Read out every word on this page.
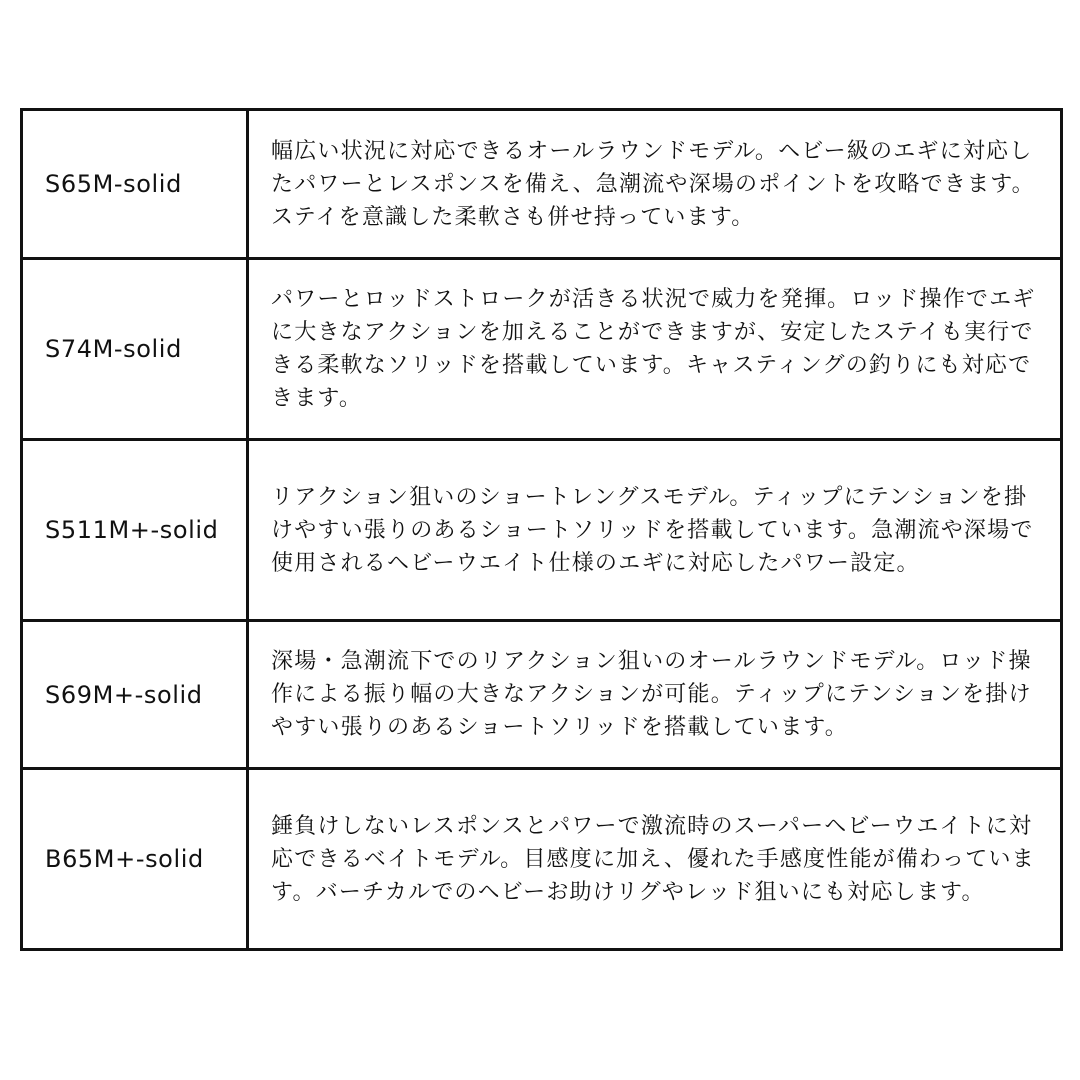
S65M-solid	幅広い状況に対応できるオールラウンドモデル。ヘビー級のエギに対応したパワーとレスポンスを備え、急潮流や深場のポイントを攻略できます。ステイを意識した柔軟さも併せ持っています。
S74M-solid	パワーとロッドストロークが活きる状況で威力を発揮。ロッド操作でエギに大きなアクションを加えることができますが、安定したステイも実行できる柔軟なソリッドを搭載しています。キャスティングの釣りにも対応できます。
S511M+-solid	リアクション狙いのショートレングスモデル。ティップにテンションを掛けやすい張りのあるショートソリッドを搭載しています。急潮流や深場で使用されるヘビーウエイト仕様のエギに対応したパワー設定。
S69M+-solid	深場・急潮流下でのリアクション狙いのオールラウンドモデル。ロッド操作による振り幅の大きなアクションが可能。ティップにテンションを掛けやすい張りのあるショートソリッドを搭載しています。
B65M+-solid	錘負けしないレスポンスとパワーで激流時のスーパーヘビーウエイトに対応できるベイトモデル。目感度に加え、優れた手感度性能が備わっています。バーチカルでのヘビーお助けリグやレッド狙いにも対応します。
